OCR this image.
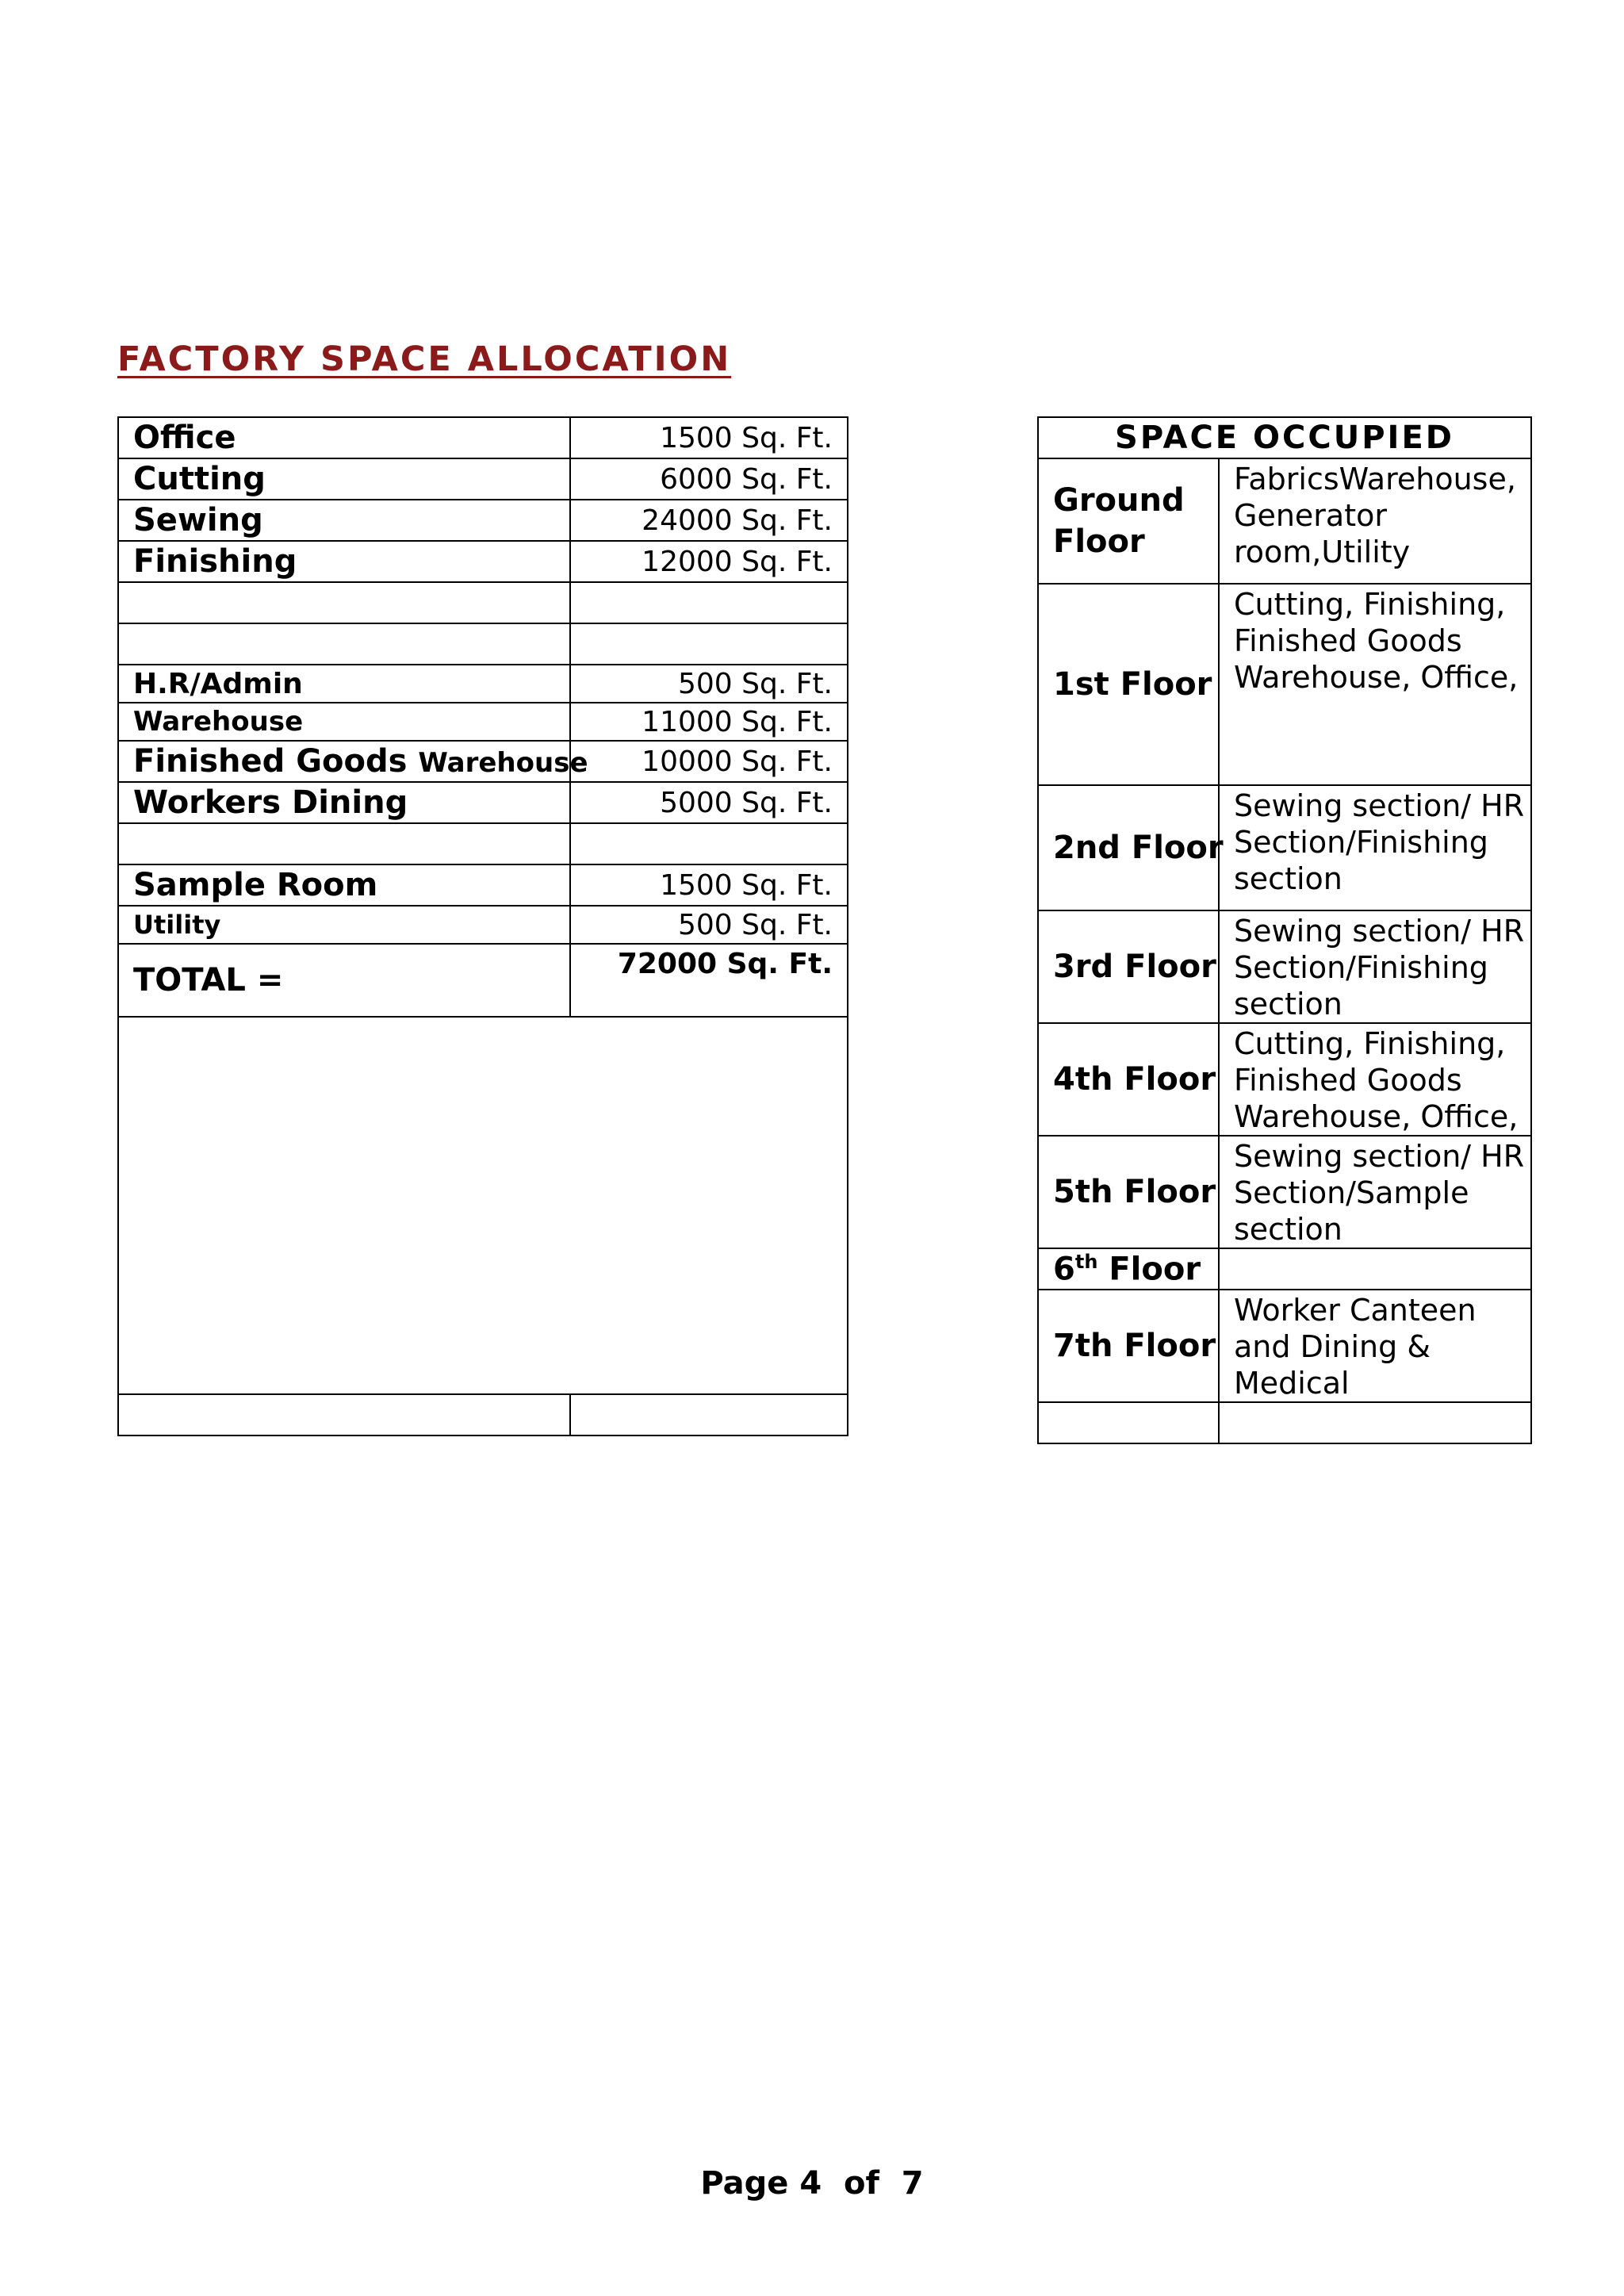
FACTORY SPACE ALLOCATION
Office	1500 Sq. Ft.
Cutting	6000 Sq. Ft.
Sewing	24000 Sq. Ft.
Finishing	12000 Sq. Ft.

H.R/Admin	500 Sq. Ft.
Warehouse	11000 Sq. Ft.
Finished Goods Warehouse	10000 Sq. Ft.
Workers Dining	5000 Sq. Ft.

Sample Room	1500 Sq. Ft.
Utility	500 Sq. Ft.
TOTAL =	72000 Sq. Ft.

SPACE OCCUPIED	
Ground Floor	FabricsWarehouse, Generator room,Utility
1st Floor	Cutting, Finishing, Finished Goods Warehouse, Office,
2nd Floor	Sewing section/ HR Section/Finishing section
3rd Floor	Sewing section/ HR Section/Finishing section
4th Floor	Cutting, Finishing, Finished Goods Warehouse, Office,
5th Floor	Sewing section/ HR Section/Sample section
6th Floor	
7th Floor	Worker Canteen and Dining & Medical

Page 4  of  7
